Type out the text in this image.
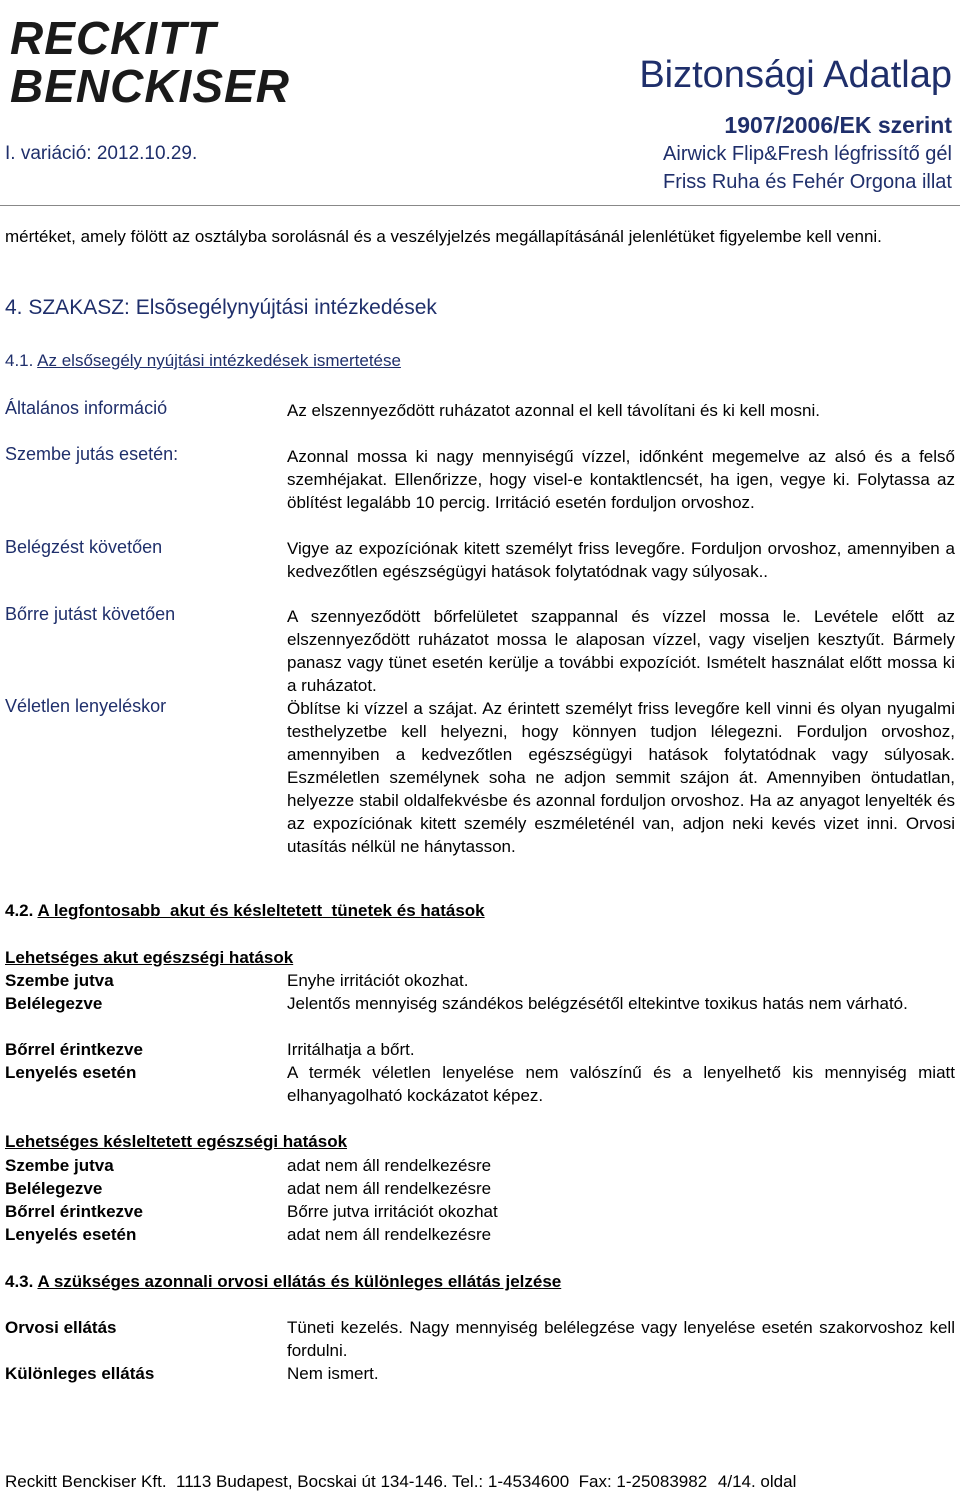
RECKITT
BENCKISER	Biztonsági Adatlap
1907/2006/EK szerint
I. variáció: 2012.10.29.	Airwick Flip&Fresh légfrissítő gél
Friss Ruha és Fehér Orgona illat
mértéket, amely fölött az osztályba sorolásnál és a veszélyjelzés megállapításánál jelenlétüket figyelembe kell venni.
4. SZAKASZ: Elsõsegélynyújtási intézkedések
4.1. Az elsősegély nyújtási intézkedések ismertetése
Általános információ	Az elszennyeződött ruházatot azonnal el kell távolítani és ki kell mosni.
Szembe jutás esetén:	Azonnal mossa ki nagy mennyiségű vízzel, időnként megemelve az alsó és a felső szemhéjakat. Ellenőrizze, hogy visel-e kontaktlencsét, ha igen, vegye ki. Folytassa az öblítést legalább 10 percig. Irritáció esetén forduljon orvoshoz.
Belégzést követően	Vigye az expozíciónak kitett személyt friss levegőre. Forduljon orvoshoz, amennyiben a kedvezőtlen egészségügyi hatások folytatódnak vagy súlyosak..
Bőrre jutást követően	A szennyeződött bőrfelületet szappannal és vízzel mossa le. Levétele előtt az elszennyeződött ruházatot mossa le alaposan vízzel, vagy viseljen kesztyűt. Bármely panasz vagy tünet esetén kerülje a további expozíciót. Ismételt használat előtt mossa ki a ruházatot.
Véletlen lenyeléskor	Öblítse ki vízzel a szájat. Az érintett személyt friss levegőre kell vinni és olyan nyugalmi testhelyzetbe kell helyezni, hogy könnyen tudjon lélegezni. Forduljon orvoshoz, amennyiben a kedvezőtlen egészségügyi hatások folytatódnak vagy súlyosak. Eszméletlen személynek soha ne adjon semmit szájon át. Amennyiben öntudatlan, helyezze stabil oldalfekvésbe és azonnal forduljon orvoshoz. Ha az anyagot lenyelték és az expozíciónak kitett személy eszméleténél van, adjon neki kevés vizet inni. Orvosi utasítás nélkül ne hánytasson.
4.2. A legfontosabb  akut és késleltetett  tünetek és hatások
Lehetséges akut egészségi hatások
Szembe jutva	Enyhe irritációt okozhat.
Belélegezve	Jelentős mennyiség szándékos belégzésétől eltekintve toxikus hatás nem várható.
Bőrrel érintkezve	Irritálhatja a bőrt.
Lenyelés esetén	A termék véletlen lenyelése nem valószínű és a lenyelhető kis mennyiség miatt elhanyagolható kockázatot képez.
Lehetséges késleltetett egészségi hatások
Szembe jutva	adat nem áll rendelkezésre
Belélegezve	adat nem áll rendelkezésre
Bőrrel érintkezve	Bőrre jutva irritációt okozhat
Lenyelés esetén	adat nem áll rendelkezésre
4.3. A szükséges azonnali orvosi ellátás és különleges ellátás jelzése
Orvosi ellátás	Tüneti kezelés. Nagy mennyiség belélegzése vagy lenyelése esetén szakorvoshoz kell fordulni.
Különleges ellátás	Nem ismert.
Reckitt Benckiser Kft.  1113 Budapest, Bocskai út 134-146. Tel.: 1-4534600  Fax: 1-25083982 4/14. oldal
